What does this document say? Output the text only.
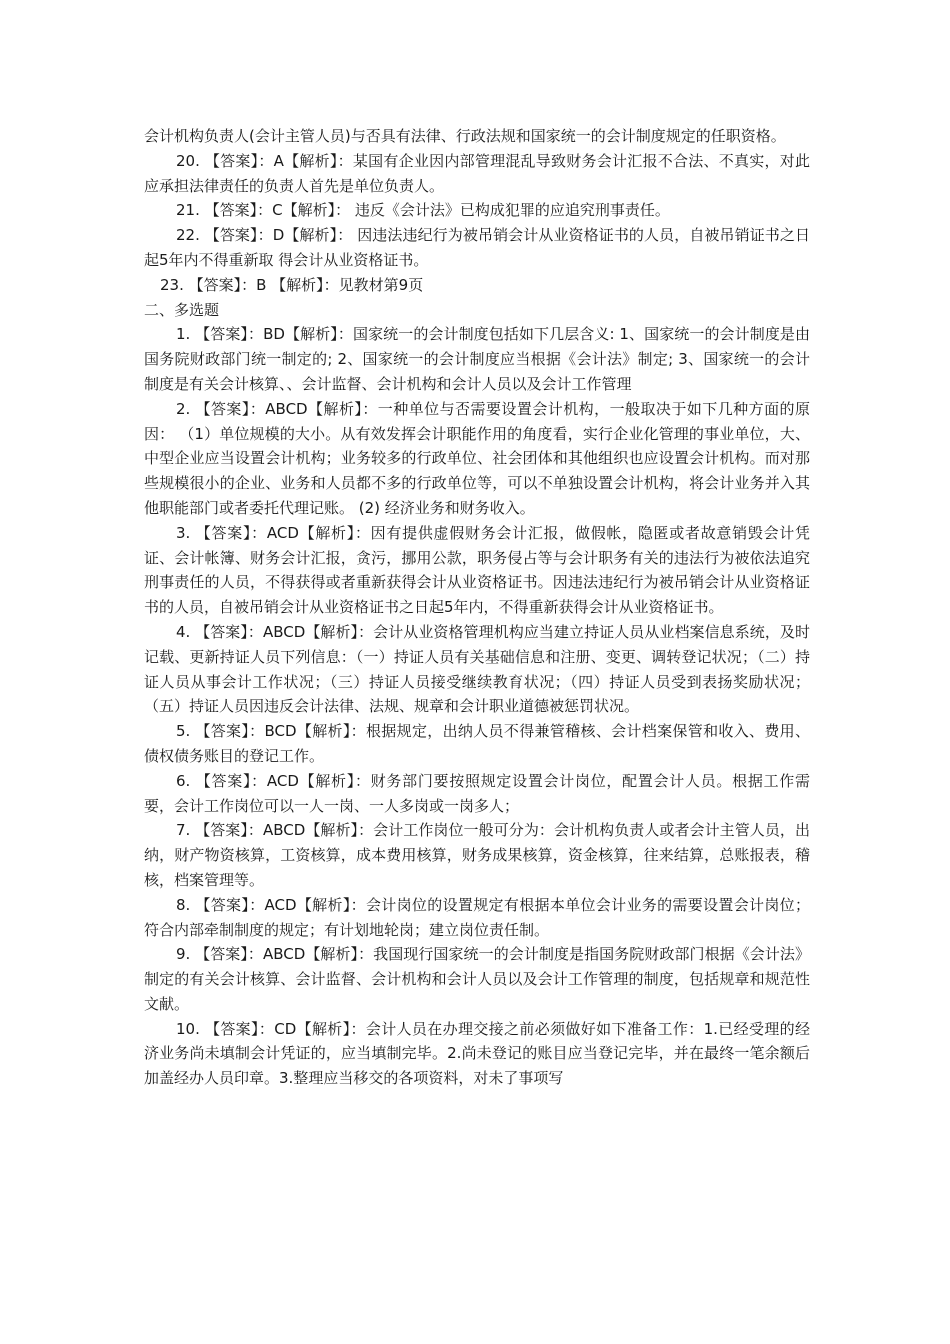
会计机构负责人(会计主管人员)与否具有法律、行政法规和国家统一的会计制度规定的任职资格。

20. 【答案】：A【解析】：某国有企业因内部管理混乱导致财务会计汇报不合法、不真实，对此应承担法律责任的负责人首先是单位负责人。

21. 【答案】：C【解析】： 违反《会计法》已构成犯罪的应追究刑事责任。

22. 【答案】：D【解析】： 因违法违纪行为被吊销会计从业资格证书的人员，自被吊销证书之日起5年内不得重新取 得会计从业资格证书。

23. 【答案】：B 【解析】：见教材第9页

二、多选题

1. 【答案】：BD【解析】：国家统一的会计制度包括如下几层含义: 1、国家统一的会计制度是由国务院财政部门统一制定的; 2、国家统一的会计制度应当根据《会计法》制定; 3、国家统一的会计制度是有关会计核算、、会计监督、会计机构和会计人员以及会计工作管理

2. 【答案】：ABCD【解析】：一种单位与否需要设置会计机构，一般取决于如下几种方面的原因： （1）单位规模的大小。从有效发挥会计职能作用的角度看，实行企业化管理的事业单位，大、中型企业应当设置会计机构；业务较多的行政单位、社会团体和其他组织也应设置会计机构。而对那些规模很小的企业、业务和人员都不多的行政单位等，可以不单独设置会计机构，将会计业务并入其他职能部门或者委托代理记账。 (2) 经济业务和财务收入。

3. 【答案】：ACD【解析】：因有提供虚假财务会计汇报，做假帐，隐匿或者故意销毁会计凭证、会计帐簿、财务会计汇报，贪污，挪用公款，职务侵占等与会计职务有关的违法行为被依法追究刑事责任的人员，不得获得或者重新获得会计从业资格证书。因违法违纪行为被吊销会计从业资格证书的人员，自被吊销会计从业资格证书之日起5年内，不得重新获得会计从业资格证书。

4. 【答案】：ABCD【解析】：会计从业资格管理机构应当建立持证人员从业档案信息系统，及时记载、更新持证人员下列信息：（一）持证人员有关基础信息和注册、变更、调转登记状况；（二）持证人员从事会计工作状况；（三）持证人员接受继续教育状况；（四）持证人员受到表扬奖励状况；（五）持证人员因违反会计法律、法规、规章和会计职业道德被惩罚状况。

5. 【答案】：BCD【解析】：根据规定，出纳人员不得兼管稽核、会计档案保管和收入、费用、债权债务账目的登记工作。

6. 【答案】：ACD【解析】：财务部门要按照规定设置会计岗位，配置会计人员。根据工作需要，会计工作岗位可以一人一岗、一人多岗或一岗多人；

7. 【答案】：ABCD【解析】：会计工作岗位一般可分为：会计机构负责人或者会计主管人员，出纳，财产物资核算，工资核算，成本费用核算，财务成果核算，资金核算，往来结算，总账报表，稽核，档案管理等。

8. 【答案】：ACD【解析】：会计岗位的设置规定有根据本单位会计业务的需要设置会计岗位；符合内部牵制制度的规定；有计划地轮岗；建立岗位责任制。

9. 【答案】：ABCD【解析】：我国现行国家统一的会计制度是指国务院财政部门根据《会计法》制定的有关会计核算、会计监督、会计机构和会计人员以及会计工作管理的制度，包括规章和规范性文献。

10. 【答案】：CD【解析】：会计人员在办理交接之前必须做好如下准备工作：1.已经受理的经济业务尚未填制会计凭证的，应当填制完毕。2.尚未登记的账目应当登记完毕，并在最终一笔余额后加盖经办人员印章。3.整理应当移交的各项资料，对未了事项写
